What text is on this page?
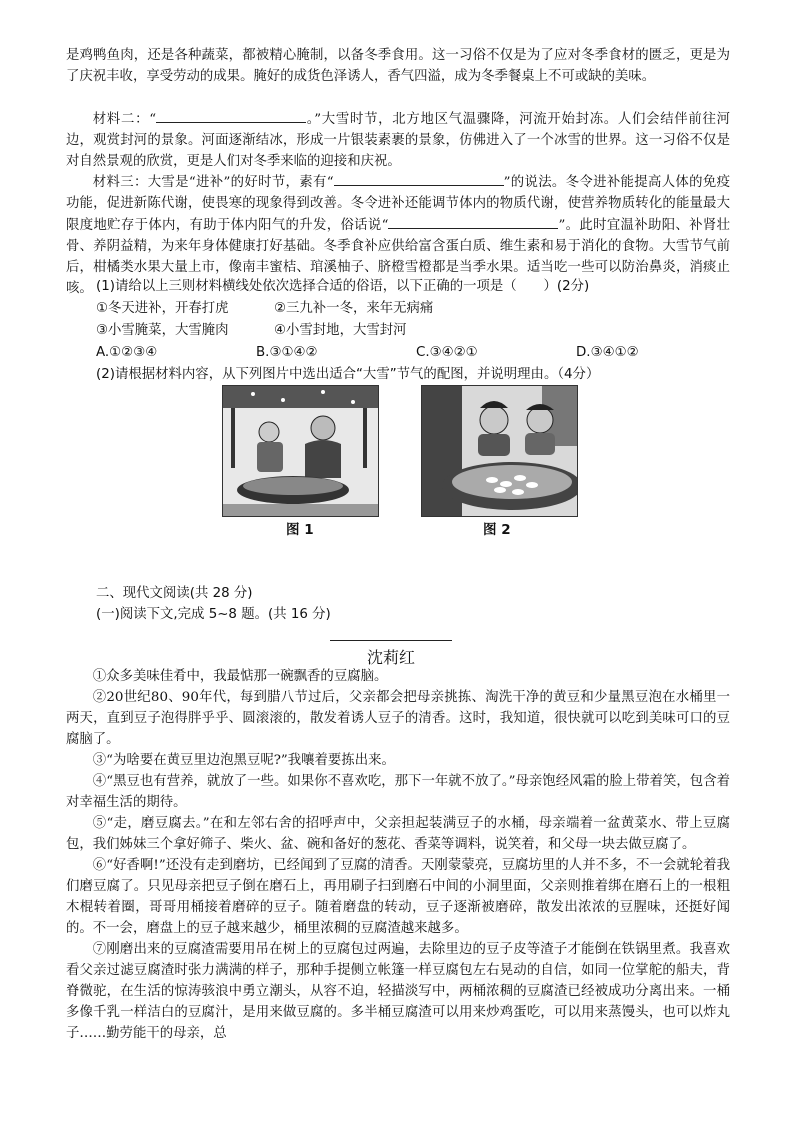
是鸡鸭鱼肉，还是各种蔬菜，都被精心腌制，以备冬季食用。这一习俗不仅是为了应对冬季食材的匮乏，更是为了庆祝丰收，享受劳动的成果。腌好的成货色泽诱人，香气四溢，成为冬季餐桌上不可或缺的美味。

材料二：“	。”大雪时节，北方地区气温骤降，河流开始封冻。人们会结伴前往河边，观赏封河的景象。河面逐渐结冰，形成一片银装素裹的景象，仿佛进入了一个冰雪的世界。这一习俗不仅是对自然景观的欣赏，更是人们对冬季来临的迎接和庆祝。

材料三：大雪是“进补”的好时节，素有“	”的说法。冬令进补能提高人体的免疫功能，促进新陈代谢，使畏寒的现象得到改善。冬令进补还能调节体内的物质代谢，使营养物质转化的能量最大限度地贮存于体内，有助于体内阳气的升发，俗话说“	”。此时宜温补助阳、补肾壮骨、养阴益精，为来年身体健康打好基础。冬季食补应供给富含蛋白质、维生素和易于消化的食物。大雪节气前后，柑橘类水果大量上市，像南丰蜜桔、琯溪柚子、脐橙雪橙都是当季水果。适当吃一些可以防治鼻炎，消痰止咳。 (1)请给以上三则材料横线处依次选择合适的俗语，以下正确的一项是（　　）(2分)
①冬天进补，开春打虎	②三九补一冬，来年无病痛
③小雪腌菜，大雪腌肉	④小雪封地，大雪封河
A.①②③④	B.③①④②	C.③④②①	D.③④①②
(2)请根据材料内容，从下列图片中选出适合“大雪”节气的配图，并说明理由。（4分）
图 1	图 2
二、现代文阅读(共 28 分)
(一)阅读下文,完成 5~8 题。(共 16 分)
沈莉红

①众多美味佳肴中，我最惦那一碗飘香的豆腐脑。

②20世纪80、90年代，每到腊八节过后，父亲都会把母亲挑拣、淘洗干净的黄豆和少量黑豆泡在水桶里一两天，直到豆子泡得胖乎乎、圆滚滚的，散发着诱人豆子的清香。这时，我知道，很快就可以吃到美味可口的豆腐脑了。

③“为啥要在黄豆里边泡黑豆呢?”我嚷着要拣出来。

④“黑豆也有营养，就放了一些。如果你不喜欢吃，那下一年就不放了。”母亲饱经风霜的脸上带着笑，包含着对幸福生活的期待。

⑤“走，磨豆腐去。”在和左邻右舍的招呼声中，父亲担起装满豆子的水桶，母亲端着一盆黄菜水、带上豆腐包，我们姊妹三个拿好筛子、柴火、盆、碗和备好的葱花、香菜等调料，说笑着，和父母一块去做豆腐了。

⑥“好香啊!”还没有走到磨坊，已经闻到了豆腐的清香。天刚蒙蒙亮，豆腐坊里的人并不多，不一会就轮着我们磨豆腐了。只见母亲把豆子倒在磨石上，再用刷子扫到磨石中间的小洞里面，父亲则推着绑在磨石上的一根粗木棍转着圈，哥哥用桶接着磨碎的豆子。随着磨盘的转动，豆子逐渐被磨碎，散发出浓浓的豆腥味，还挺好闻的。不一会，磨盘上的豆子越来越少，桶里浓稠的豆腐渣越来越多。

⑦刚磨出来的豆腐渣需要用吊在树上的豆腐包过两遍，去除里边的豆子皮等渣子才能倒在铁锅里煮。我喜欢看父亲过滤豆腐渣时张力满满的样子，那种手提侧立帐篷一样豆腐包左右晃动的自信，如同一位掌舵的船夫，背脊微驼，在生活的惊涛骇浪中勇立潮头，从容不迫，轻描淡写中，两桶浓稠的豆腐渣已经被成功分离出来。一桶多像千乳一样洁白的豆腐汁，是用来做豆腐的。多半桶豆腐渣可以用来炒鸡蛋吃，可以用来蒸馒头，也可以炸丸子……勤劳能干的母亲，总
